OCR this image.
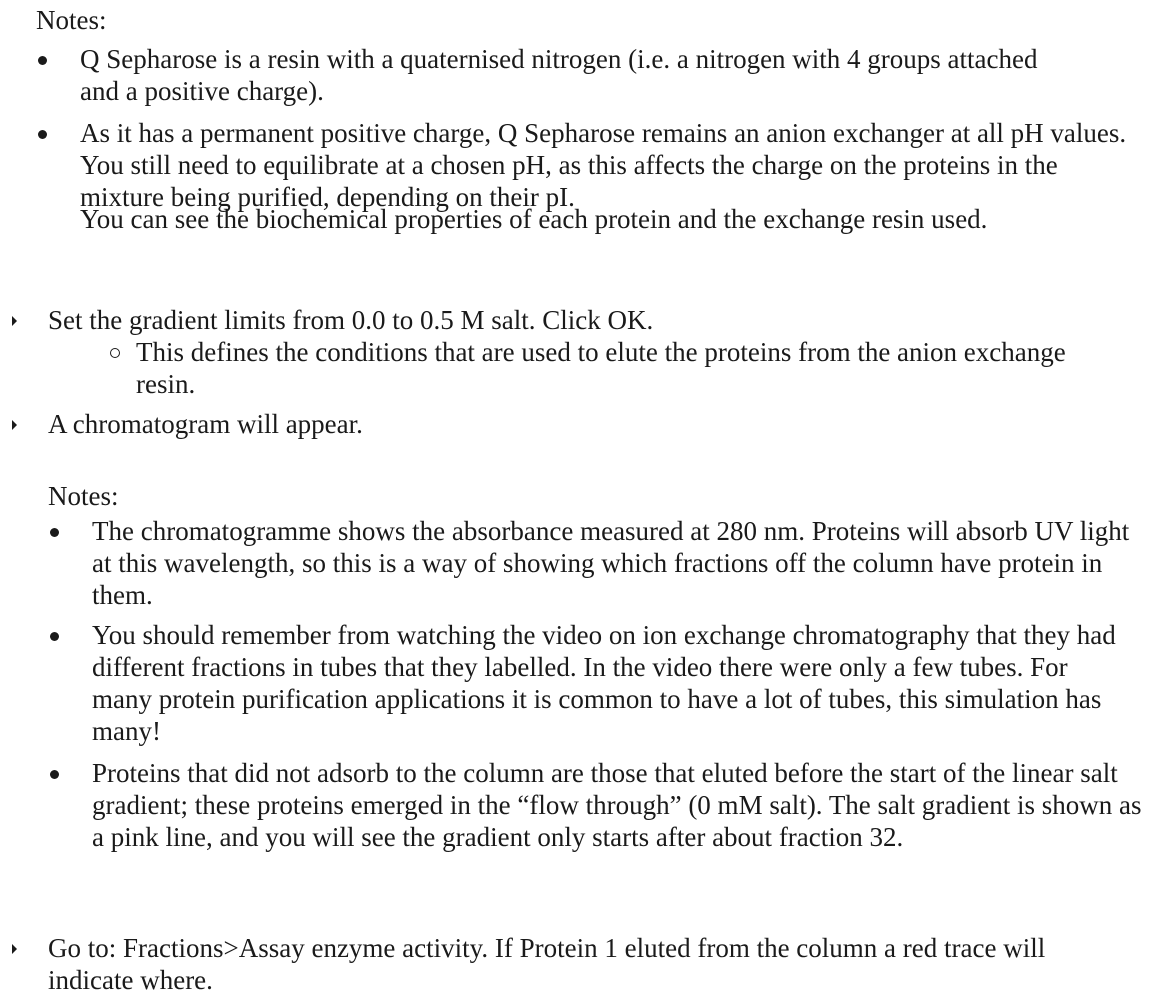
Notes:
Q Sepharose is a resin with a quaternised nitrogen (i.e. a nitrogen with 4 groups attached and a positive charge).
As it has a permanent positive charge, Q Sepharose remains an anion exchanger at all pH values. You still need to equilibrate at a chosen pH, as this affects the charge on the proteins in the mixture being purified, depending on their pI.
You can see the biochemical properties of each protein and the exchange resin used.
Set the gradient limits from 0.0 to 0.5 M salt. Click OK.
This defines the conditions that are used to elute the proteins from the anion exchange resin.
A chromatogram will appear.
Notes:
The chromatogramme shows the absorbance measured at 280 nm. Proteins will absorb UV light at this wavelength, so this is a way of showing which fractions off the column have protein in them.
You should remember from watching the video on ion exchange chromatography that they had different fractions in tubes that they labelled. In the video there were only a few tubes. For many protein purification applications it is common to have a lot of tubes, this simulation has many!
Proteins that did not adsorb to the column are those that eluted before the start of the linear salt gradient; these proteins emerged in the “flow through” (0 mM salt). The salt gradient is shown as a pink line, and you will see the gradient only starts after about fraction 32.
Go to: Fractions>Assay enzyme activity. If Protein 1 eluted from the column a red trace will indicate where.
